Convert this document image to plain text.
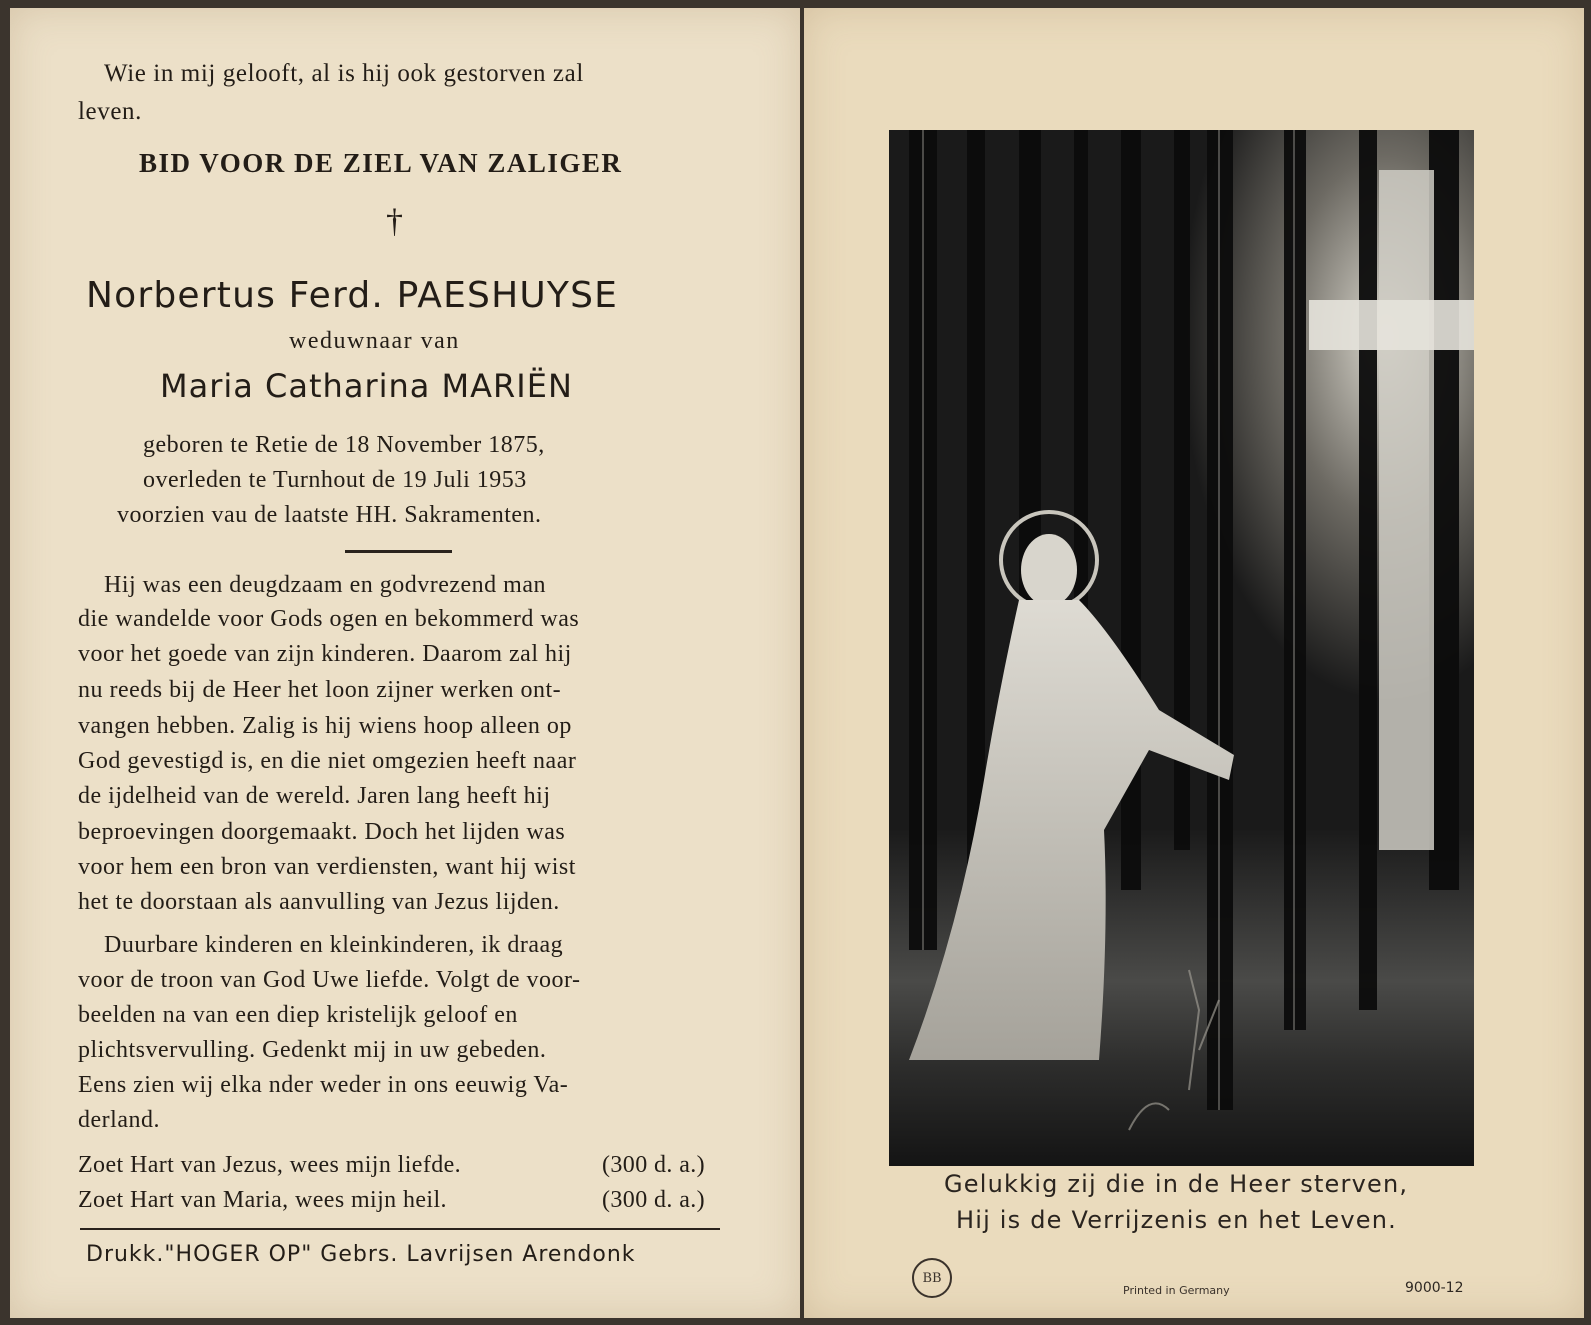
Wie in mij gelooft, al is hij ook gestorven zal
leven.
BID VOOR DE ZIEL VAN ZALIGER
†
Norbertus Ferd. PAESHUYSE
weduwnaar van
Maria Catharina MARIËN
geboren te Retie de 18 November 1875,
overleden te Turnhout de 19 Juli 1953
voorzien vau de laatste HH. Sakramenten.
Hij was een deugdzaam en godvrezend man
die wandelde voor Gods ogen en bekommerd was
voor het goede van zijn kinderen. Daarom zal hij
nu reeds bij de Heer het loon zijner werken ont-
vangen hebben. Zalig is hij wiens hoop alleen op
God gevestigd is, en die niet omgezien heeft naar
de ijdelheid van de wereld. Jaren lang heeft hij
beproevingen doorgemaakt. Doch het lijden was
voor hem een bron van verdiensten, want hij wist
het te doorstaan als aanvulling van Jezus lijden.
Duurbare kinderen en kleinkinderen, ik draag
voor de troon van God Uwe liefde. Volgt de voor-
beelden na van een diep kristelijk geloof en
plichtsvervulling. Gedenkt mij in uw gebeden.
Eens zien wij elka nder weder in ons eeuwig Va-
derland.
Zoet Hart van Jezus, wees mijn liefde.	(300 d. a.)
Zoet Hart van Maria, wees mijn heil.	(300 d. a.)
Drukk."HOGER OP" Gebrs. Lavrijsen Arendonk
Gelukkig zij die in de Heer sterven,
Hij is de Verrijzenis en het Leven.
BB
Printed in Germany	9000-12
